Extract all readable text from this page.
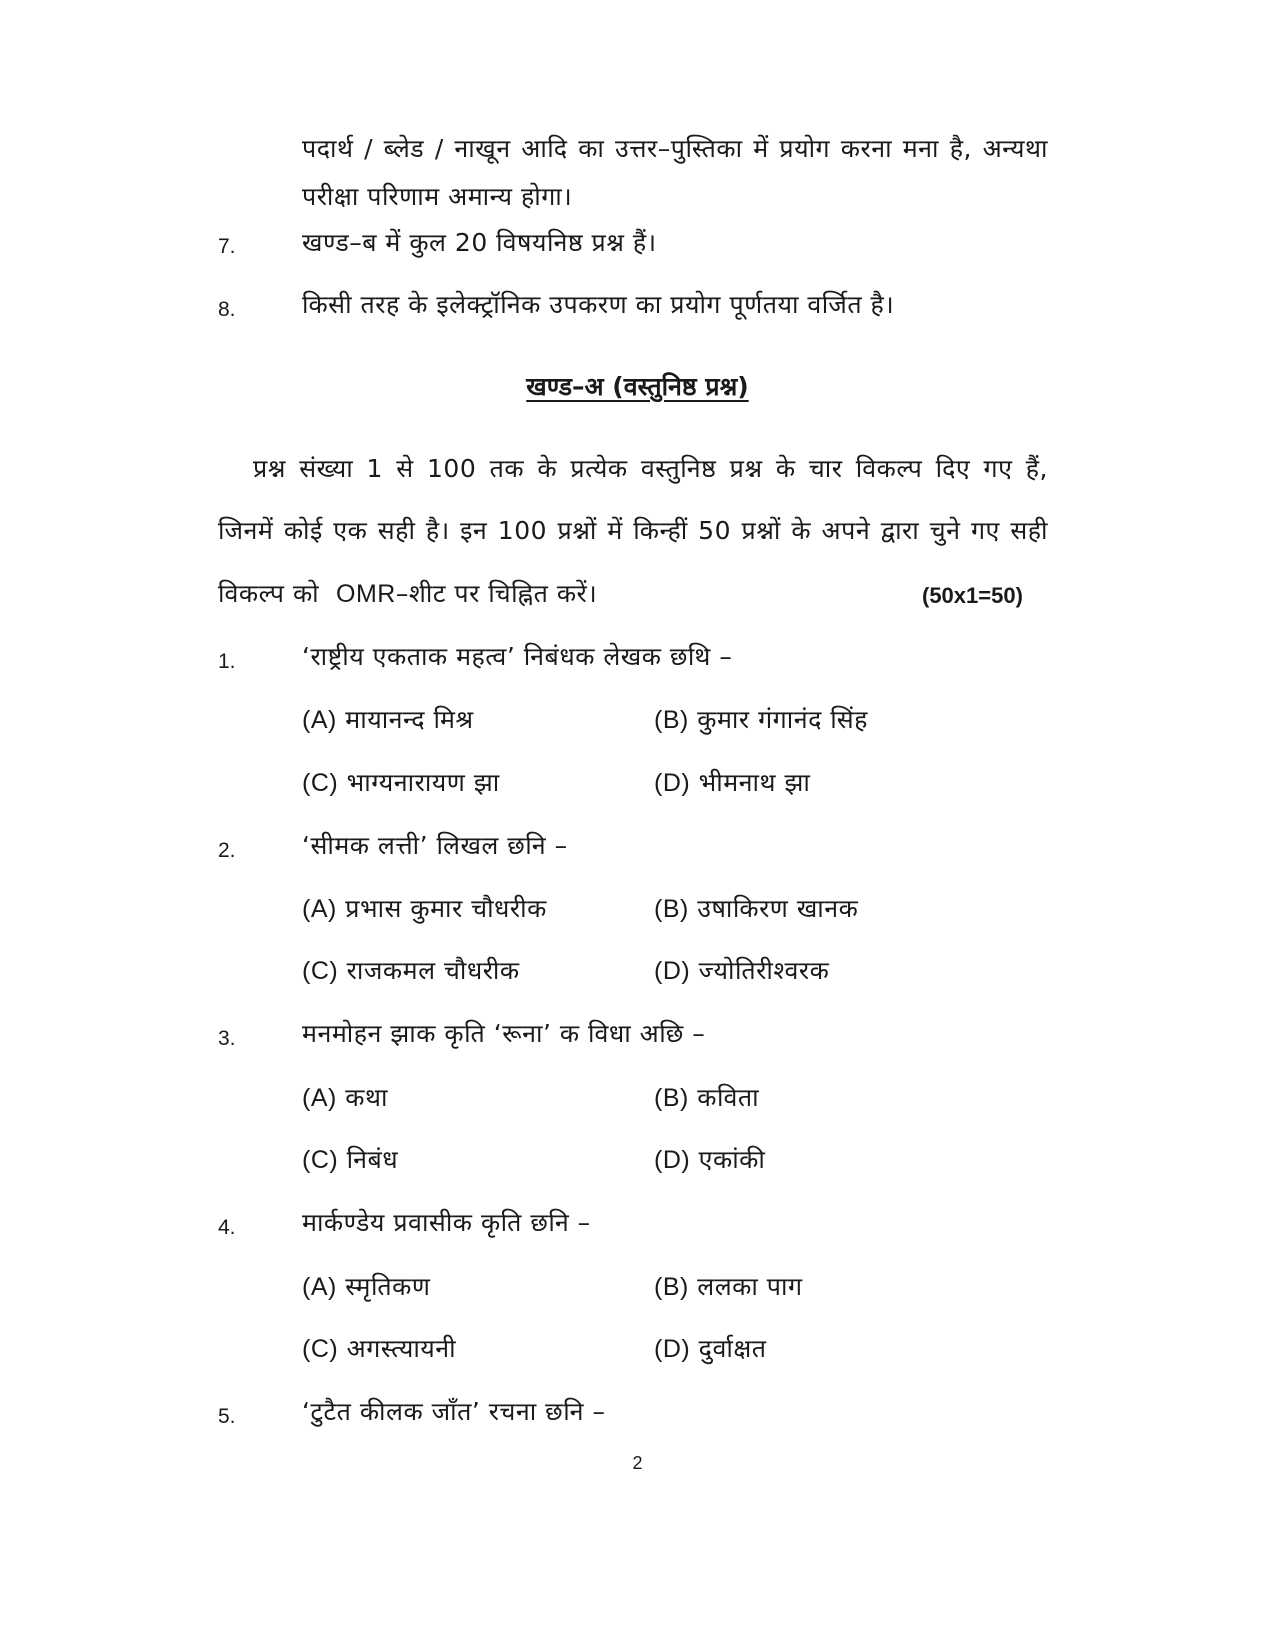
पदार्थ / ब्लेड / नाखून आदि का उत्तर–पुस्तिका में प्रयोग करना मना है, अन्यथा
परीक्षा परिणाम अमान्य होगा।
7.	खण्ड–ब में कुल 20 विषयनिष्ठ प्रश्न हैं।
8.	किसी तरह के इलेक्ट्रॉनिक उपकरण का प्रयोग पूर्णतया वर्जित है।
खण्ड–अ (वस्तुनिष्ठ प्रश्न)
प्रश्न संख्या 1 से 100 तक के प्रत्येक वस्तुनिष्ठ प्रश्न के चार विकल्प दिए गए हैं,
जिनमें कोई एक सही है। इन 100 प्रश्नों में किन्हीं 50 प्रश्नों के अपने द्वारा चुने गए सही
विकल्प को OMR–शीट पर चिह्नित करें।	(50x1=50)
1.	‘राष्ट्रीय एकताक महत्व’ निबंधक लेखक छथि –
(A) मायानन्द मिश्र	(B) कुमार गंगानंद सिंह
(C) भाग्यनारायण झा	(D) भीमनाथ झा
2.	‘सीमक लत्ती’ लिखल छनि –
(A) प्रभास कुमार चौधरीक	(B) उषाकिरण खानक
(C) राजकमल चौधरीक	(D) ज्योतिरीश्वरक
3.	मनमोहन झाक कृति ‘रूना’ क विधा अछि –
(A) कथा	(B) कविता
(C) निबंध	(D) एकांकी
4.	मार्कण्डेय प्रवासीक कृति छनि –
(A) स्मृतिकण	(B) ललका पाग
(C) अगस्त्यायनी	(D) दुर्वाक्षत
5.	‘टुटैत कीलक जाँत’ रचना छनि –
2
